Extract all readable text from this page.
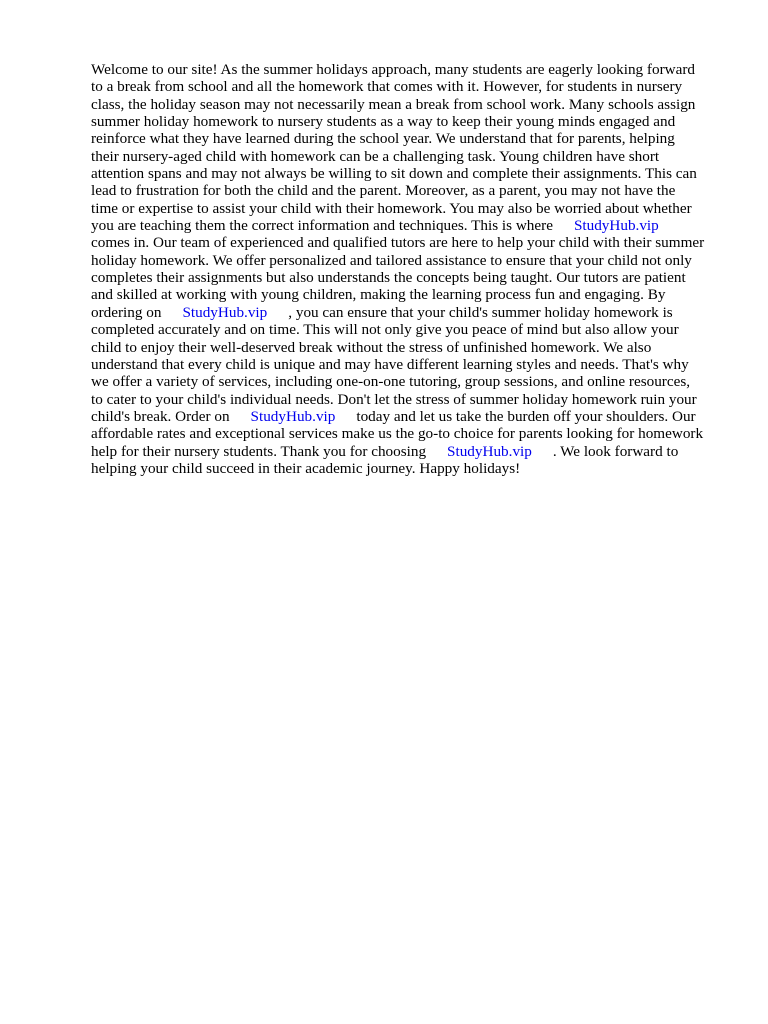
Welcome to our site! As the summer holidays approach, many students are eagerly looking forward
to a break from school and all the homework that comes with it. However, for students in nursery
class, the holiday season may not necessarily mean a break from school work. Many schools assign
summer holiday homework to nursery students as a way to keep their young minds engaged and
reinforce what they have learned during the school year. We understand that for parents, helping
their nursery-aged child with homework can be a challenging task. Young children have short
attention spans and may not always be willing to sit down and complete their assignments. This can
lead to frustration for both the child and the parent. Moreover, as a parent, you may not have the
time or expertise to assist your child with their homework. You may also be worried about whether
you are teaching them the correct information and techniques. This is where StudyHub.vip
comes in. Our team of experienced and qualified tutors are here to help your child with their summer
holiday homework. We offer personalized and tailored assistance to ensure that your child not only
completes their assignments but also understands the concepts being taught. Our tutors are patient
and skilled at working with young children, making the learning process fun and engaging. By
ordering on StudyHub.vip , you can ensure that your child's summer holiday homework is
completed accurately and on time. This will not only give you peace of mind but also allow your
child to enjoy their well-deserved break without the stress of unfinished homework. We also
understand that every child is unique and may have different learning styles and needs. That's why
we offer a variety of services, including one-on-one tutoring, group sessions, and online resources,
to cater to your child's individual needs. Don't let the stress of summer holiday homework ruin your
child's break. Order on StudyHub.vip today and let us take the burden off your shoulders. Our
affordable rates and exceptional services make us the go-to choice for parents looking for homework
help for their nursery students. Thank you for choosing StudyHub.vip . We look forward to
helping your child succeed in their academic journey. Happy holidays!
